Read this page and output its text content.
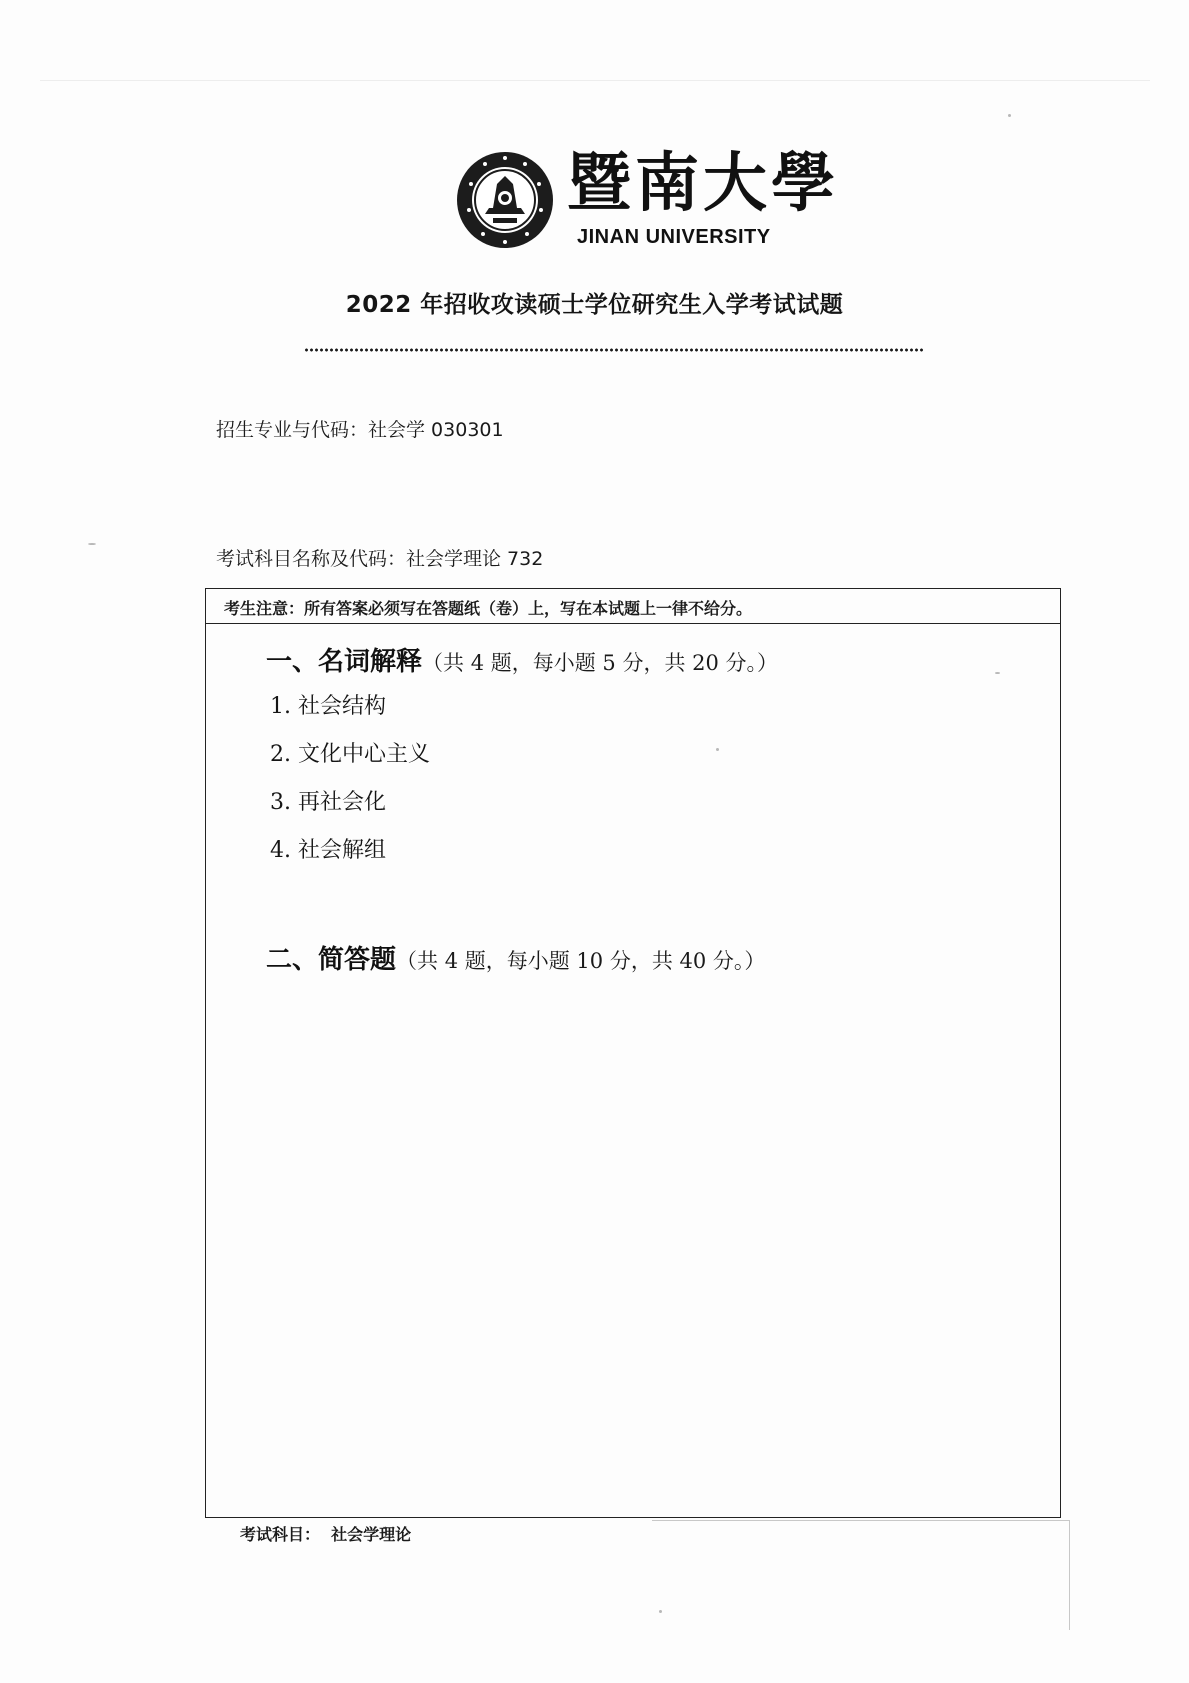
暨南大學
JINAN UNIVERSITY
2022 年招收攻读硕士学位研究生入学考试试题
招生专业与代码：社会学 030301
考试科目名称及代码：社会学理论 732
考生注意：所有答案必须写在答题纸（卷）上，写在本试题上一律不给分。
一、名词解释（共 4 题，每小题 5 分，共 20 分。）
1. 社会结构
2. 文化中心主义
3. 再社会化
4. 社会解组
二、简答题（共 4 题，每小题 10 分，共 40 分。）
考试科目： 社会学理论
